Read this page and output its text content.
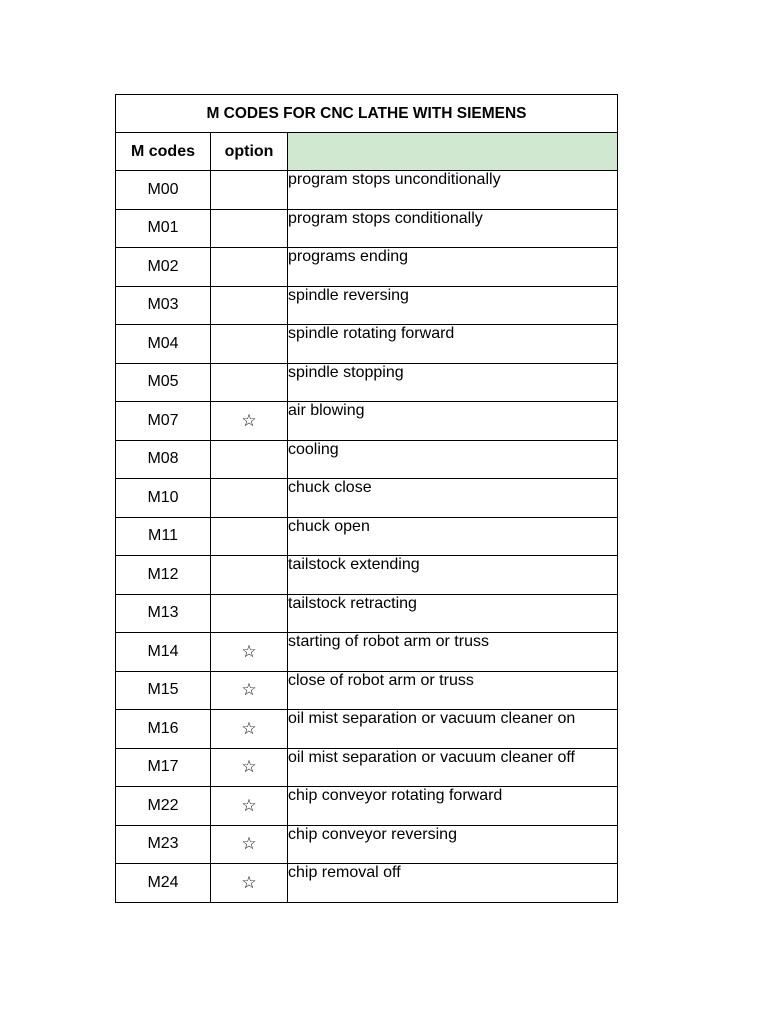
M CODES FOR CNC LATHE WITH SIEMENS		
M codes	option	
M00		program stops unconditionally
M01		program stops conditionally
M02		programs ending
M03		spindle reversing
M04		spindle rotating forward
M05		spindle stopping
M07	☆	air blowing
M08		cooling
M10		chuck close
M11		chuck open
M12		tailstock extending
M13		tailstock retracting
M14	☆	starting of robot arm or truss
M15	☆	close of robot arm or truss
M16	☆	oil mist separation or vacuum cleaner on
M17	☆	oil mist separation or vacuum cleaner off
M22	☆	chip conveyor rotating forward
M23	☆	chip conveyor reversing
M24	☆	chip removal off
